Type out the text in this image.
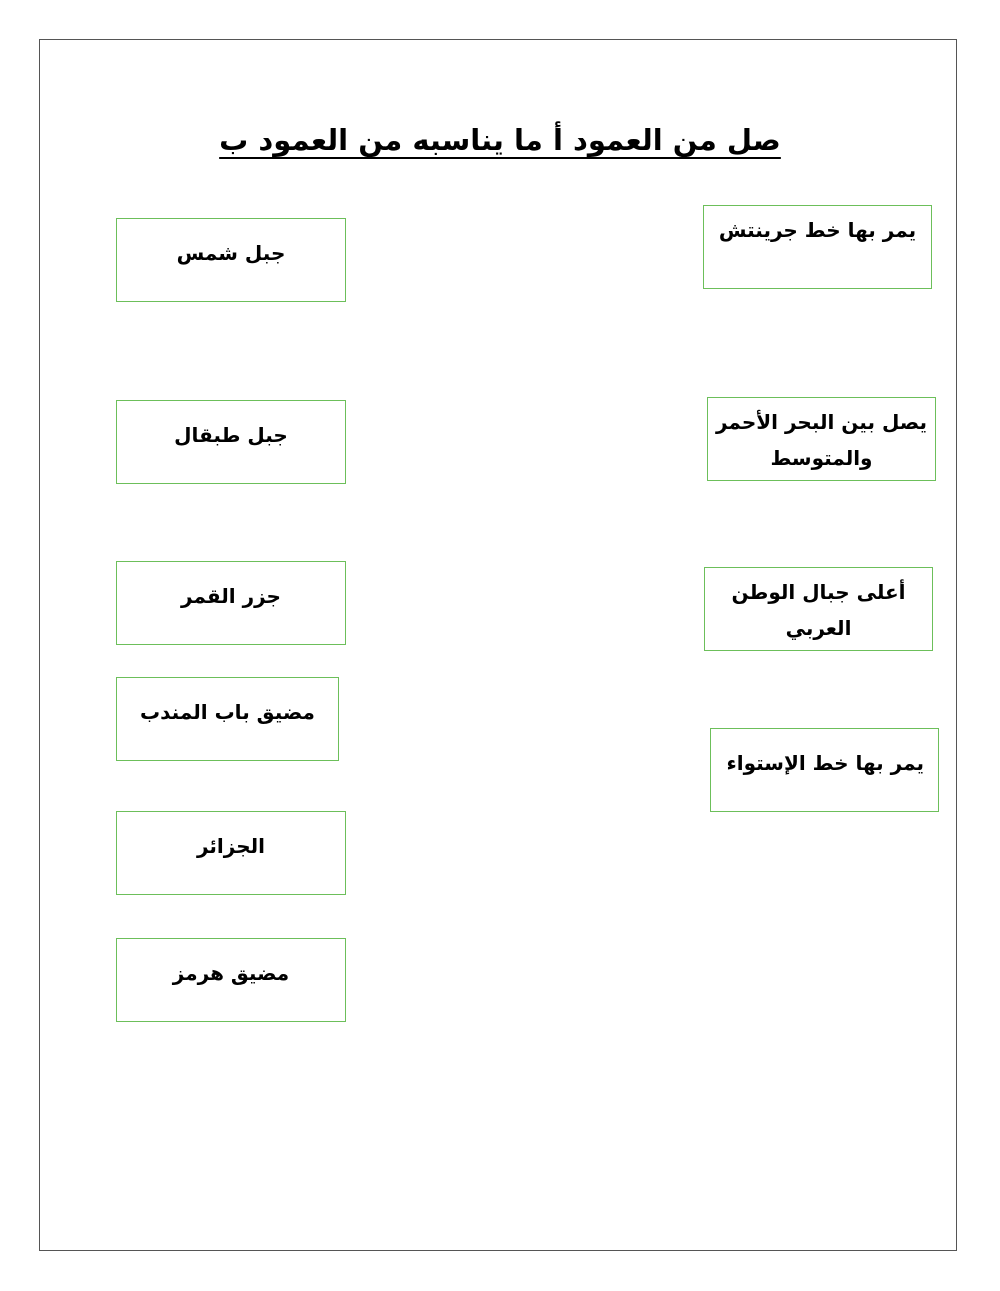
صل من العمود أ ما يناسبه من العمود ب
يمر بها خط جرينتش
يصل بين البحر الأحمر والمتوسط
أعلى جبال الوطن العربي
يمر بها خط الإستواء
جبل شمس
جبل طبقال
جزر القمر
مضيق باب المندب
الجزائر
مضيق هرمز
